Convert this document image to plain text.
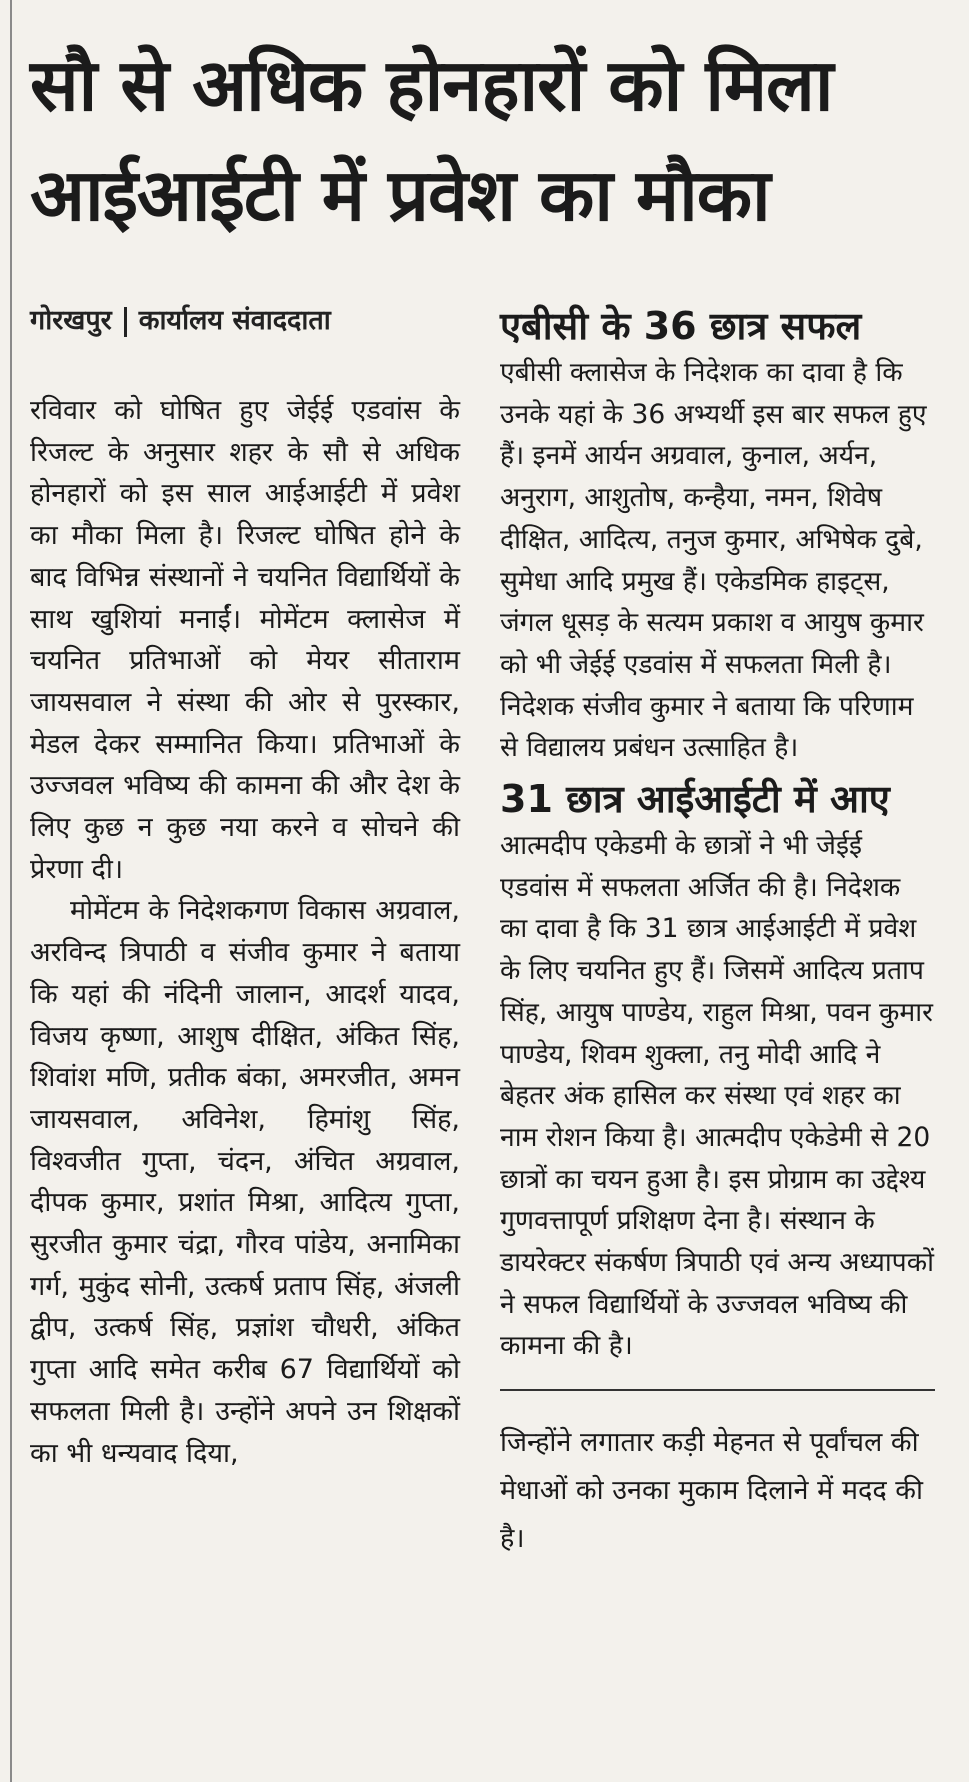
सौ से अधिक होनहारों को मिला
आईआईटी में प्रवेश का मौका
गोरखपुर कार्यालय संवाददाता

रविवार को घोषित हुए जेईई एडवांस के रिजल्ट के अनुसार शहर के सौ से अधिक होनहारों को इस साल आईआईटी में प्रवेश का मौका मिला है। रिजल्ट घोषित होने के बाद विभिन्न संस्थानों ने चयनित विद्यार्थियों के साथ खुशियां मनाईं। मोमेंटम क्लासेज में चयनित प्रतिभाओं को मेयर सीताराम जायसवाल ने संस्था की ओर से पुरस्कार, मेडल देकर सम्मानित किया। प्रतिभाओं के उज्जवल भविष्य की कामना की और देश के लिए कुछ न कुछ नया करने व सोचने की प्रेरणा दी।

मोमेंटम के निदेशकगण विकास अग्रवाल, अरविन्द त्रिपाठी व संजीव कुमार ने बताया कि यहां की नंदिनी जालान, आदर्श यादव, विजय कृष्णा, आशुष दीक्षित, अंकित सिंह, शिवांश मणि, प्रतीक बंका, अमरजीत, अमन जायसवाल, अविनेश, हिमांशु सिंह, विश्वजीत गुप्ता, चंदन, अंचित अग्रवाल, दीपक कुमार, प्रशांत मिश्रा, आदित्य गुप्ता, सुरजीत कुमार चंद्रा, गौरव पांडेय, अनामिका गर्ग, मुकुंद सोनी, उत्कर्ष प्रताप सिंह, अंजली द्वीप, उत्कर्ष सिंह, प्रज्ञांश चौधरी, अंकित गुप्ता आदि समेत करीब 67 विद्यार्थियों को सफलता मिली है। उन्होंने अपने उन शिक्षकों का भी धन्यवाद दिया,

एबीसी के 36 छात्र सफल

एबीसी क्लासेज के निदेशक का दावा है कि उनके यहां के 36 अभ्यर्थी इस बार सफल हुए हैं। इनमें आर्यन अग्रवाल, कुनाल, अर्यन, अनुराग, आशुतोष, कन्हैया, नमन, शिवेष दीक्षित, आदित्य, तनुज कुमार, अभिषेक दुबे, सुमेधा आदि प्रमुख हैं। एकेडमिक हाइट्स, जंगल धूसड़ के सत्यम प्रकाश व आयुष कुमार को भी जेईई एडवांस में सफलता मिली है। निदेशक संजीव कुमार ने बताया कि परिणाम से विद्यालय प्रबंधन उत्साहित है।

31 छात्र आईआईटी में आए

आत्मदीप एकेडमी के छात्रों ने भी जेईई एडवांस में सफलता अर्जित की है। निदेशक का दावा है कि 31 छात्र आईआईटी में प्रवेश के लिए चयनित हुए हैं। जिसमें आदित्य प्रताप सिंह, आयुष पाण्डेय, राहुल मिश्रा, पवन कुमार पाण्डेय, शिवम शुक्ला, तनु मोदी आदि ने बेहतर अंक हासिल कर संस्था एवं शहर का नाम रोशन किया है। आत्मदीप एकेडेमी से 20 छात्रों का चयन हुआ है। इस प्रोग्राम का उद्देश्य गुणवत्तापूर्ण प्रशिक्षण देना है। संस्थान के डायरेक्टर संकर्षण त्रिपाठी एवं अन्य अध्यापकों ने सफल विद्यार्थियों के उज्जवल भविष्य की कामना की है।

जिन्होंने लगातार कड़ी मेहनत से पूर्वांचल की मेधाओं को उनका मुकाम दिलाने में मदद की है।
